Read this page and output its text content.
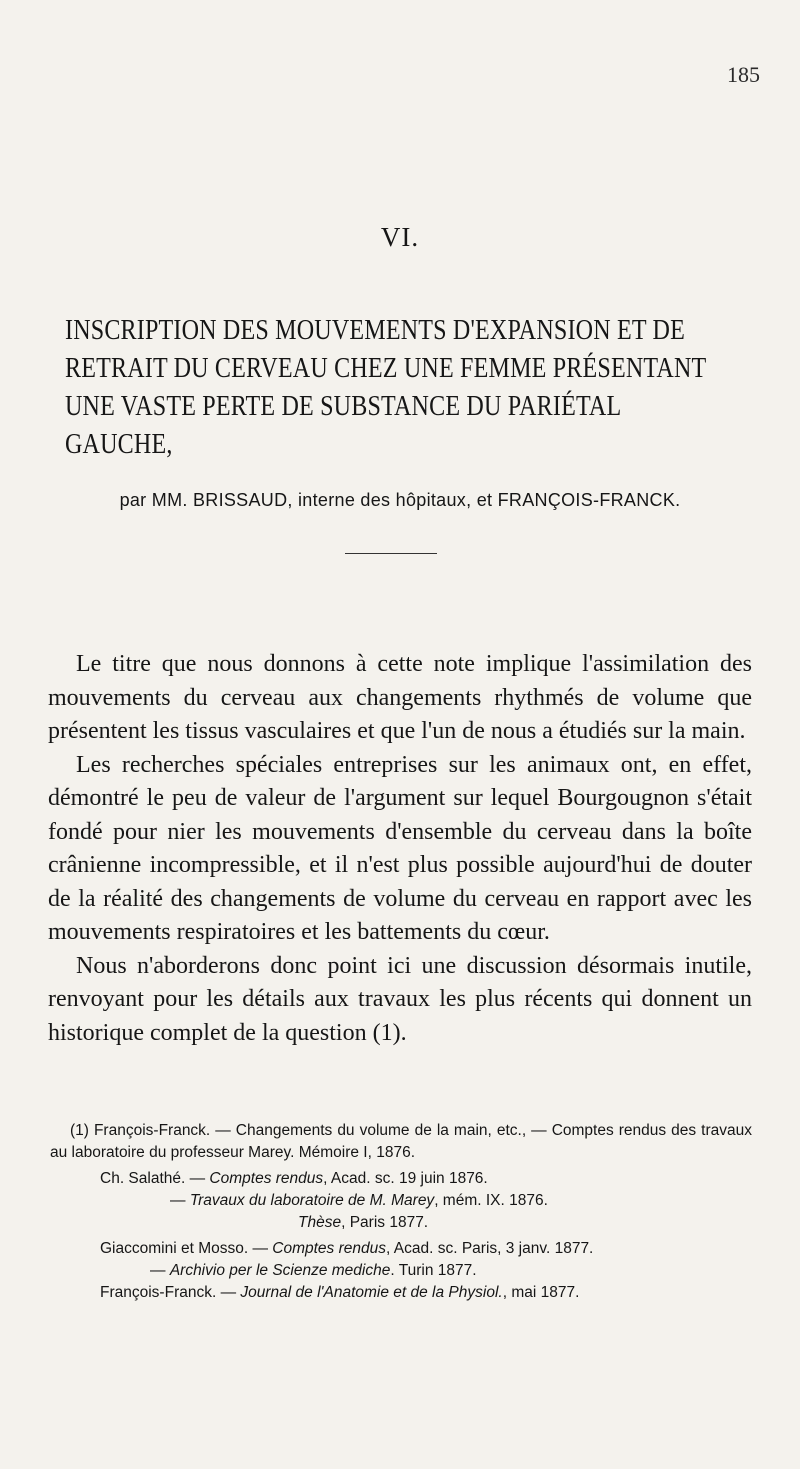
185
VI.
INSCRIPTION DES MOUVEMENTS D'EXPANSION ET DE
RETRAIT DU CERVEAU CHEZ UNE FEMME PRÉSENTANT
UNE VASTE PERTE DE SUBSTANCE DU PARIÉTAL
GAUCHE,
par MM. BRISSAUD, interne des hôpitaux, et FRANÇOIS-FRANCK.

Le titre que nous donnons à cette note implique l'assimilation des mouvements du cerveau aux changements rhythmés de volume que présentent les tissus vasculaires et que l'un de nous a étudiés sur la main.

Les recherches spéciales entreprises sur les animaux ont, en effet, démontré le peu de valeur de l'argument sur lequel Bourgougnon s'était fondé pour nier les mouvements d'ensemble du cerveau dans la boîte crânienne incompressible, et il n'est plus possible aujourd'hui de douter de la réalité des changements de volume du cerveau en rapport avec les mouvements respiratoires et les battements du cœur.

Nous n'aborderons donc point ici une discussion désormais inutile, renvoyant pour les détails aux travaux les plus récents qui donnent un historique complet de la question (1).

(1) François-Franck. — Changements du volume de la main, etc., — Comptes rendus des travaux au laboratoire du professeur Marey. Mémoire I, 1876.

Ch. Salathé. — Comptes rendus, Acad. sc. 19 juin 1876.

— Travaux du laboratoire de M. Marey, mém. IX. 1876.

Thèse, Paris 1877.

Giaccomini et Mosso. — Comptes rendus, Acad. sc. Paris, 3 janv. 1877.

— Archivio per le Scienze mediche. Turin 1877.

François-Franck. — Journal de l'Anatomie et de la Physiol., mai 1877.
